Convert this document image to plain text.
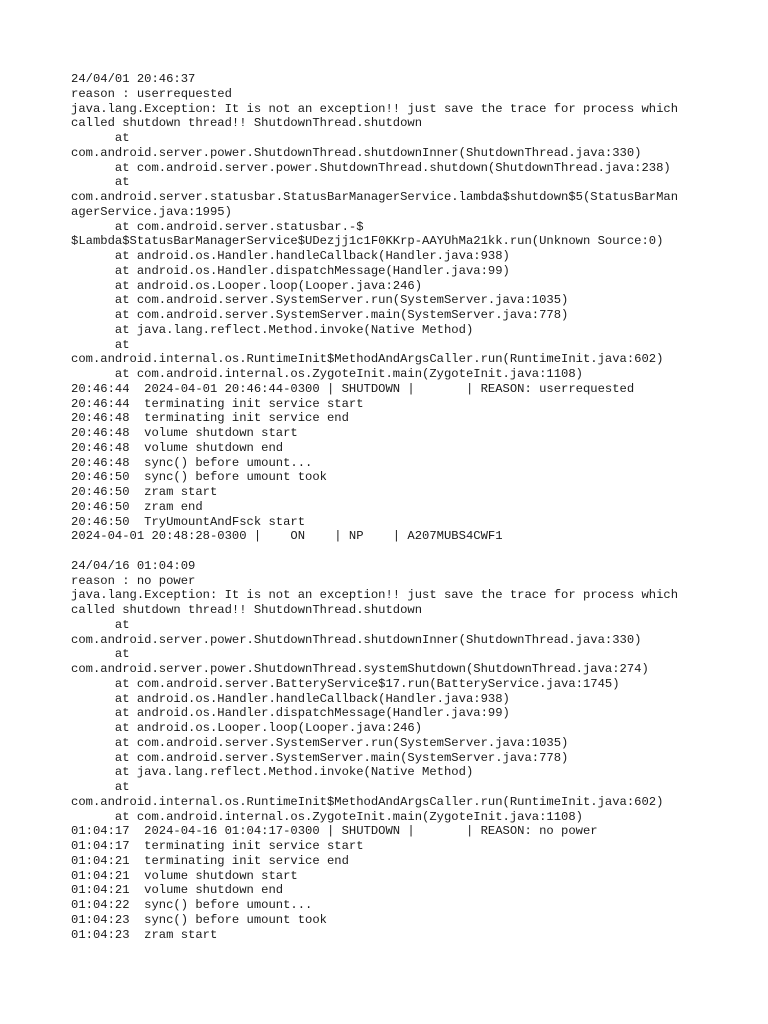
24/04/01 20:46:37
reason : userrequested
java.lang.Exception: It is not an exception!! just save the trace for process which
called shutdown thread!! ShutdownThread.shutdown
at
com.android.server.power.ShutdownThread.shutdownInner(ShutdownThread.java:330)
at com.android.server.power.ShutdownThread.shutdown(ShutdownThread.java:238)
at
com.android.server.statusbar.StatusBarManagerService.lambda$shutdown$5(StatusBarMan
agerService.java:1995)
at com.android.server.statusbar.-$
$Lambda$StatusBarManagerService$UDezjj1c1F0KKrp-AAYUhMa21kk.run(Unknown Source:0)
at android.os.Handler.handleCallback(Handler.java:938)
at android.os.Handler.dispatchMessage(Handler.java:99)
at android.os.Looper.loop(Looper.java:246)
at com.android.server.SystemServer.run(SystemServer.java:1035)
at com.android.server.SystemServer.main(SystemServer.java:778)
at java.lang.reflect.Method.invoke(Native Method)
at
com.android.internal.os.RuntimeInit$MethodAndArgsCaller.run(RuntimeInit.java:602)
at com.android.internal.os.ZygoteInit.main(ZygoteInit.java:1108)
20:46:44  2024-04-01 20:46:44-0300 | SHUTDOWN |       | REASON: userrequested
20:46:44  terminating init service start
20:46:48  terminating init service end
20:46:48  volume shutdown start
20:46:48  volume shutdown end
20:46:48  sync() before umount...
20:46:50  sync() before umount took
20:46:50  zram start
20:46:50  zram end
20:46:50  TryUmountAndFsck start
2024-04-01 20:48:28-0300 |    ON    | NP    | A207MUBS4CWF1
24/04/16 01:04:09
reason : no power
java.lang.Exception: It is not an exception!! just save the trace for process which
called shutdown thread!! ShutdownThread.shutdown
at
com.android.server.power.ShutdownThread.shutdownInner(ShutdownThread.java:330)
at
com.android.server.power.ShutdownThread.systemShutdown(ShutdownThread.java:274)
at com.android.server.BatteryService$17.run(BatteryService.java:1745)
at android.os.Handler.handleCallback(Handler.java:938)
at android.os.Handler.dispatchMessage(Handler.java:99)
at android.os.Looper.loop(Looper.java:246)
at com.android.server.SystemServer.run(SystemServer.java:1035)
at com.android.server.SystemServer.main(SystemServer.java:778)
at java.lang.reflect.Method.invoke(Native Method)
at
com.android.internal.os.RuntimeInit$MethodAndArgsCaller.run(RuntimeInit.java:602)
at com.android.internal.os.ZygoteInit.main(ZygoteInit.java:1108)
01:04:17  2024-04-16 01:04:17-0300 | SHUTDOWN |       | REASON: no power
01:04:17  terminating init service start
01:04:21  terminating init service end
01:04:21  volume shutdown start
01:04:21  volume shutdown end
01:04:22  sync() before umount...
01:04:23  sync() before umount took
01:04:23  zram start
